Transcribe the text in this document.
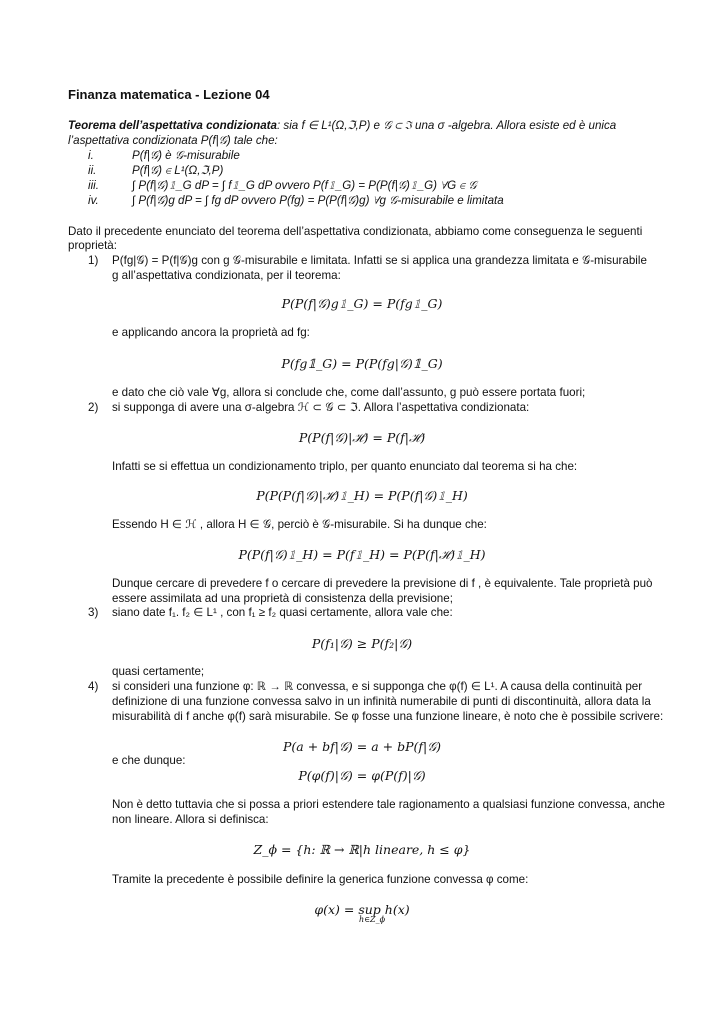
Finanza matematica - Lezione 04
Teorema dell’aspettativa condizionata: sia f ∈ L¹(Ω,ℑ,P) e 𝒢 ⊂ ℑ una σ -algebra. Allora esiste ed è unica
l’aspettativa condizionata P(f|𝒢) tale che:
i.	P(f|𝒢) è 𝒢-misurabile
ii.	P(f|𝒢) ∈ L¹(Ω,ℑ,P)
iii.	∫ P(f|𝒢)𝟙_G dP = ∫ f𝟙_G dP ovvero P(f𝟙_G) = P(P(f|𝒢)𝟙_G) ∀G ∈ 𝒢
iv.	∫ P(f|𝒢)g dP = ∫ fg dP ovvero P(fg) = P(P(f|𝒢)g) ∀g 𝒢-misurabile e limitata
Dato il precedente enunciato del teorema dell’aspettativa condizionata, abbiamo come conseguenza le seguenti
proprietà:
1) P(fg|𝒢) = P(f|𝒢)g con g 𝒢-misurabile e limitata. Infatti se si applica una grandezza limitata e 𝒢-misurabile
g all’aspettativa condizionata, per il teorema:
P(P(f|𝒢)g𝟙_G) = P(fg𝟙_G)
e applicando ancora la proprietà ad fg:
P(fg𝟙_G) = P(P(fg|𝒢)𝟙_G)
e dato che ciò vale ∀g, allora si conclude che, come dall’assunto, g può essere portata fuori;
2) si supponga di avere una σ-algebra ℋ ⊂ 𝒢 ⊂ ℑ. Allora l’aspettativa condizionata:
P(P(f|𝒢)|ℋ) = P(f|ℋ)
Infatti se si effettua un condizionamento triplo, per quanto enunciato dal teorema si ha che:
P(P(P(f|𝒢)|ℋ)𝟙_H) = P(P(f|𝒢)𝟙_H)
Essendo H ∈ ℋ , allora H ∈ 𝒢, perciò è 𝒢-misurabile. Si ha dunque che:
P(P(f|𝒢)𝟙_H) = P(f𝟙_H) = P(P(f|ℋ)𝟙_H)
Dunque cercare di prevedere f o cercare di prevedere la previsione di f , è equivalente. Tale proprietà può
essere assimilata ad una proprietà di consistenza della previsione;
3) siano date f₁. f₂ ∈ L¹ , con f₁ ≥ f₂ quasi certamente, allora vale che:
P(f₁|𝒢) ≥ P(f₂|𝒢)
quasi certamente;
4) si consideri una funzione φ: ℝ → ℝ convessa, e si supponga che φ(f) ∈ L¹. A causa della continuità per
definizione di una funzione convessa salvo in un infinità numerabile di punti di discontinuità, allora data la
misurabilità di f anche φ(f) sarà misurabile. Se φ fosse una funzione lineare, è noto che è possibile scrivere:
P(a + bf|𝒢) = a + bP(f|𝒢)
e che dunque:
P(φ(f)|𝒢) = φ(P(f)|𝒢)
Non è detto tuttavia che si possa a priori estendere tale ragionamento a qualsiasi funzione convessa, anche
non lineare. Allora si definisca:
Z_ϕ = {h: ℝ → ℝ|h lineare, h ≤ φ}
Tramite la precedente è possibile definire la generica funzione convessa φ come:
φ(x) = sup h(x)
h∈Z_ϕ
